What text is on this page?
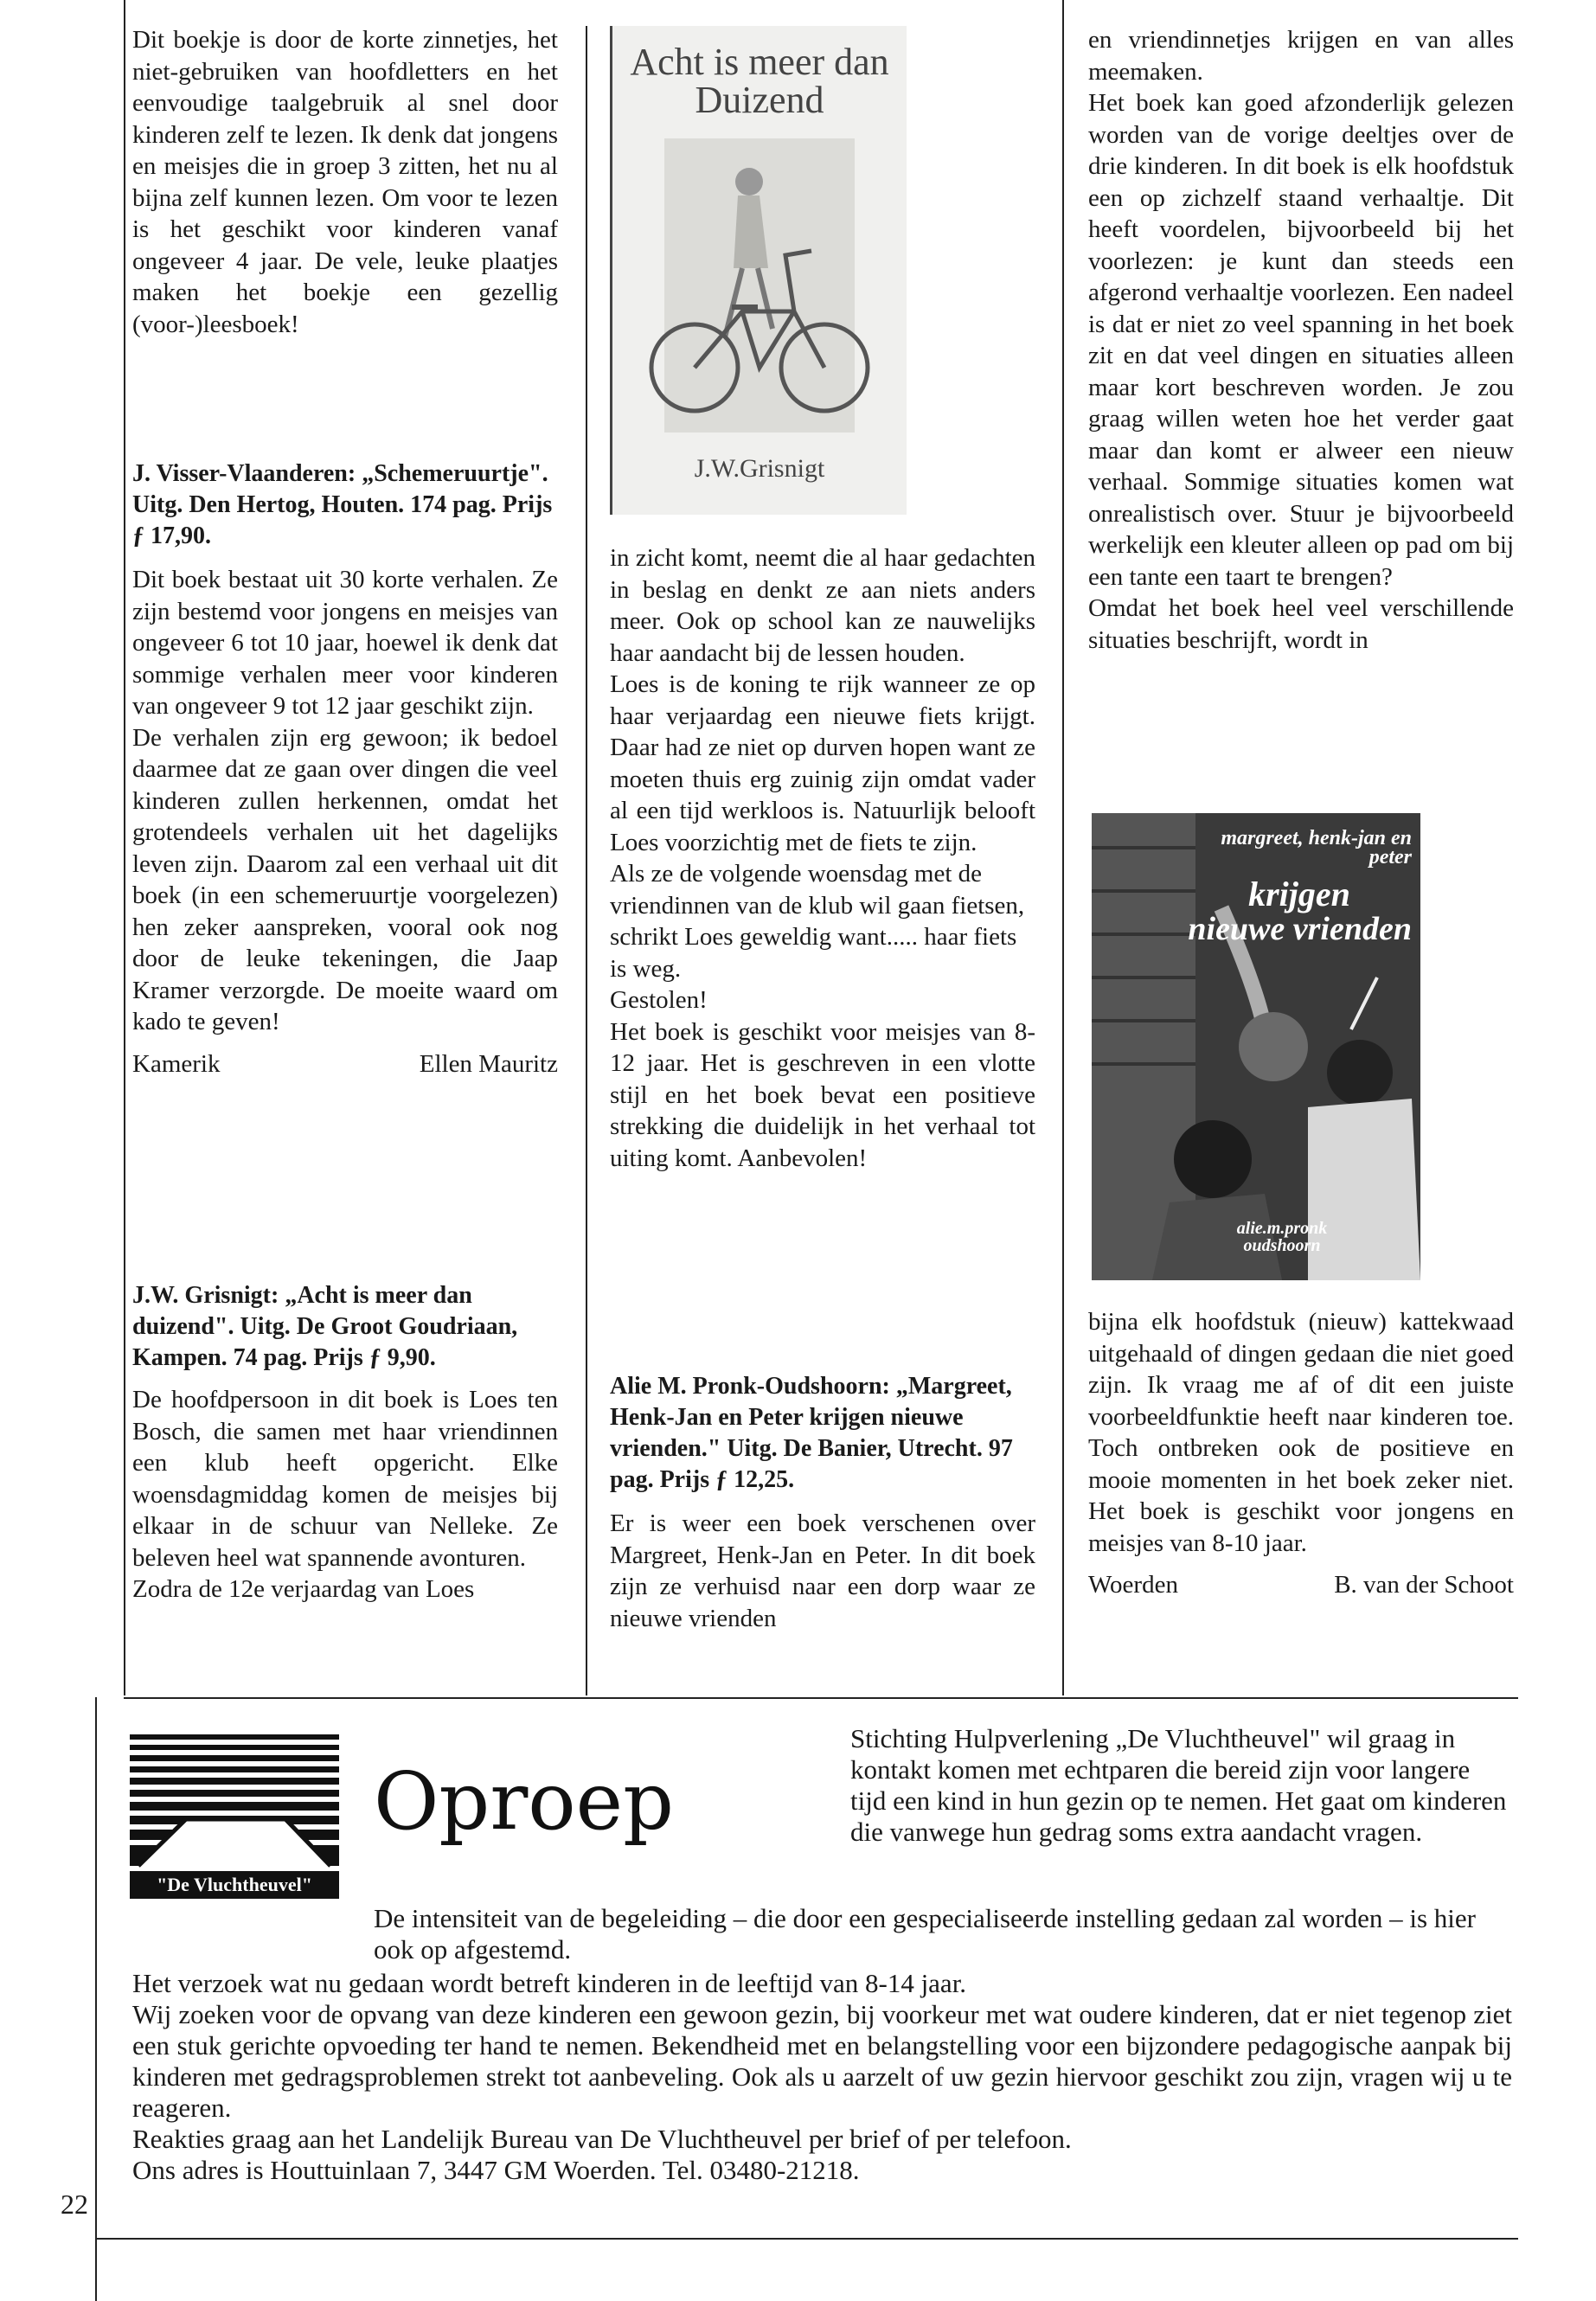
Dit boekje is door de korte zinnetjes, het niet-gebruiken van hoofdletters en het eenvoudige taalgebruik al snel door kinderen zelf te lezen. Ik denk dat jongens en meisjes die in groep 3 zitten, het nu al bijna zelf kunnen lezen. Om voor te lezen is het geschikt voor kinderen vanaf ongeveer 4 jaar. De vele, leuke plaatjes maken het boekje een gezellig (voor-)leesboek!

J. Visser-Vlaanderen: „Schemeruurtje". Uitg. Den Hertog, Houten. 174 pag. Prijs ƒ 17,90.

Dit boek bestaat uit 30 korte verhalen. Ze zijn bestemd voor jongens en meisjes van ongeveer 6 tot 10 jaar, hoewel ik denk dat sommige verhalen meer voor kinderen van ongeveer 9 tot 12 jaar geschikt zijn.

De verhalen zijn erg gewoon; ik bedoel daarmee dat ze gaan over dingen die veel kinderen zullen herkennen, omdat het grotendeels verhalen uit het dagelijks leven zijn. Daarom zal een verhaal uit dit boek (in een schemeruurtje voorgelezen) hen zeker aanspreken, vooral ook nog door de leuke tekeningen, die Jaap Kramer verzorgde. De moeite waard om kado te geven!

Kamerik	Ellen Mauritz

J.W. Grisnigt: „Acht is meer dan duizend". Uitg. De Groot Goudriaan, Kampen. 74 pag. Prijs ƒ 9,90.

De hoofdpersoon in dit boek is Loes ten Bosch, die samen met haar vriendinnen een klub heeft opgericht. Elke woensdagmiddag komen de meisjes bij elkaar in de schuur van Nelleke. Ze beleven heel wat spannende avonturen.

Zodra de 12e verjaardag van Loes

Acht is meer dan Duizend
J.W.Grisnigt

in zicht komt, neemt die al haar gedachten in beslag en denkt ze aan niets anders meer. Ook op school kan ze nauwelijks haar aandacht bij de lessen houden.

Loes is de koning te rijk wanneer ze op haar verjaardag een nieuwe fiets krijgt. Daar had ze niet op durven hopen want ze moeten thuis erg zuinig zijn omdat vader al een tijd werkloos is. Natuurlijk belooft Loes voorzichtig met de fiets te zijn.

Als ze de volgende woensdag met de vriendinnen van de klub wil gaan fietsen, schrikt Loes geweldig want..... haar fiets is weg.

Gestolen!

Het boek is geschikt voor meisjes van 8-12 jaar. Het is geschreven in een vlotte stijl en het boek bevat een positieve strekking die duidelijk in het verhaal tot uiting komt. Aanbevolen!

Alie M. Pronk-Oudshoorn: „Margreet, Henk-Jan en Peter krijgen nieuwe vrienden." Uitg. De Banier, Utrecht. 97 pag. Prijs ƒ 12,25.

Er is weer een boek verschenen over Margreet, Henk-Jan en Peter. In dit boek zijn ze verhuisd naar een dorp waar ze nieuwe vrienden

en vriendinnetjes krijgen en van alles meemaken.

Het boek kan goed afzonderlijk gelezen worden van de vorige deeltjes over de drie kinderen. In dit boek is elk hoofdstuk een op zichzelf staand verhaaltje. Dit heeft voordelen, bijvoorbeeld bij het voorlezen: je kunt dan steeds een afgerond verhaaltje voorlezen. Een nadeel is dat er niet zo veel spanning in het boek zit en dat veel dingen en situaties alleen maar kort beschreven worden. Je zou graag willen weten hoe het verder gaat maar dan komt er alweer een nieuw verhaal. Sommige situaties komen wat onrealistisch over. Stuur je bijvoorbeeld werkelijk een kleuter alleen op pad om bij een tante een taart te brengen?

Omdat het boek heel veel verschillende situaties beschrijft, wordt in

margreet, henk-jan en peter
krijgen
nieuwe vrienden
alie.m.pronk
oudshoorn

bijna elk hoofdstuk (nieuw) kattekwaad uitgehaald of dingen gedaan die niet goed zijn. Ik vraag me af of dit een juiste voorbeeldfunktie heeft naar kinderen toe. Toch ontbreken ook de positieve en mooie momenten in het boek zeker niet. Het boek is geschikt voor jongens en meisjes van 8-10 jaar.

Woerden	B. van der Schoot
"De Vluchtheuvel"
Oproep
Stichting Hulpverlening „De Vluchtheuvel" wil graag in kontakt komen met echtparen die bereid zijn voor langere tijd een kind in hun gezin op te nemen. Het gaat om kinderen die vanwege hun gedrag soms extra aandacht vragen.
De intensiteit van de begeleiding – die door een gespecialiseerde instelling gedaan zal worden – is hier ook op afgestemd.
Het verzoek wat nu gedaan wordt betreft kinderen in de leeftijd van 8-14 jaar.
Wij zoeken voor de opvang van deze kinderen een gewoon gezin, bij voorkeur met wat oudere kinderen, dat er niet tegenop ziet een stuk gerichte opvoeding ter hand te nemen. Bekendheid met en belangstelling voor een bijzondere pedagogische aanpak bij kinderen met gedragsproblemen strekt tot aanbeveling. Ook als u aarzelt of uw gezin hiervoor geschikt zou zijn, vragen wij u te reageren.
Reakties graag aan het Landelijk Bureau van De Vluchtheuvel per brief of per telefoon.
Ons adres is Houttuinlaan 7, 3447 GM Woerden. Tel. 03480-21218.
22
